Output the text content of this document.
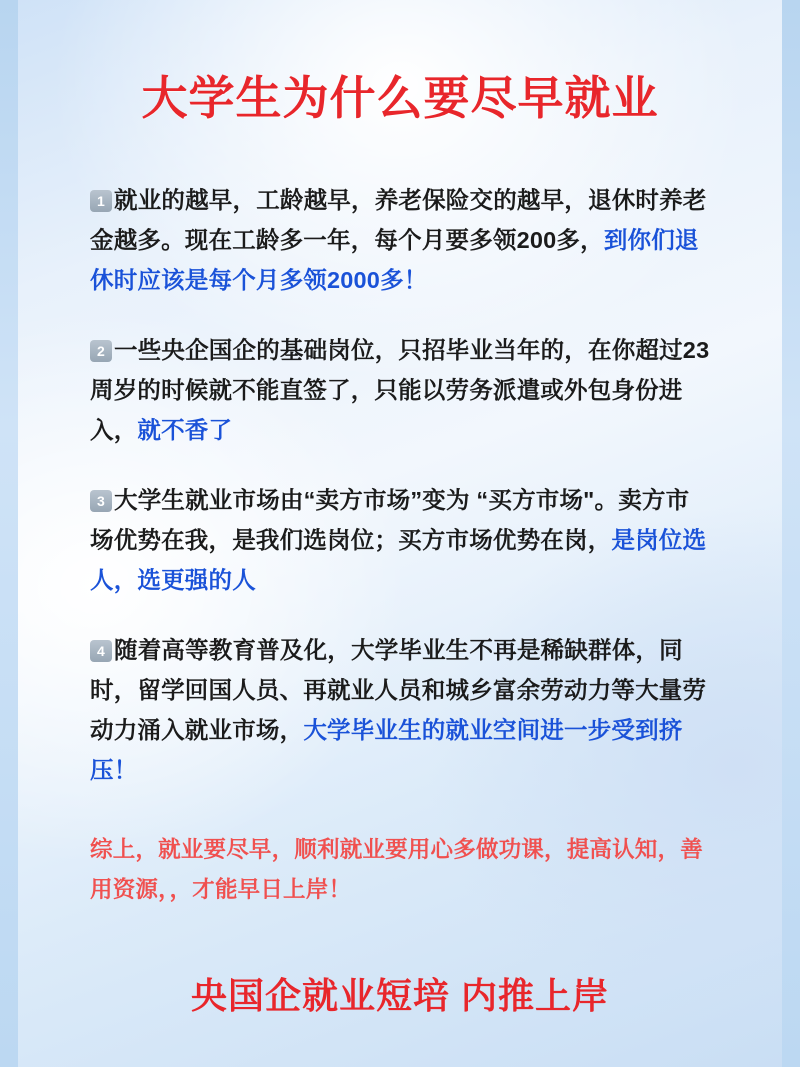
大学生为什么要尽早就业

1 就业的越早，工龄越早，养老保险交的越早，退休时养老金越多。现在工龄多一年，每个月要多领200多，到你们退休时应该是每个月多领2000多！

2 一些央企国企的基础岗位，只招毕业当年的，在你超过23周岁的时候就不能直签了，只能以劳务派遣或外包身份进入，就不香了

3 大学生就业市场由“卖方市场”变为 “买方市场"。卖方市场优势在我，是我们选岗位；买方市场优势在岗，是岗位选人，选更强的人

4 随着高等教育普及化，大学毕业生不再是稀缺群体，同时，留学回国人员、再就业人员和城乡富余劳动力等大量劳动力涌入就业市场，大学毕业生的就业空间进一步受到挤压！

综上，就业要尽早，顺利就业要用心多做功课，提高认知，善用资源，，才能早日上岸！

央国企就业短培 内推上岸
